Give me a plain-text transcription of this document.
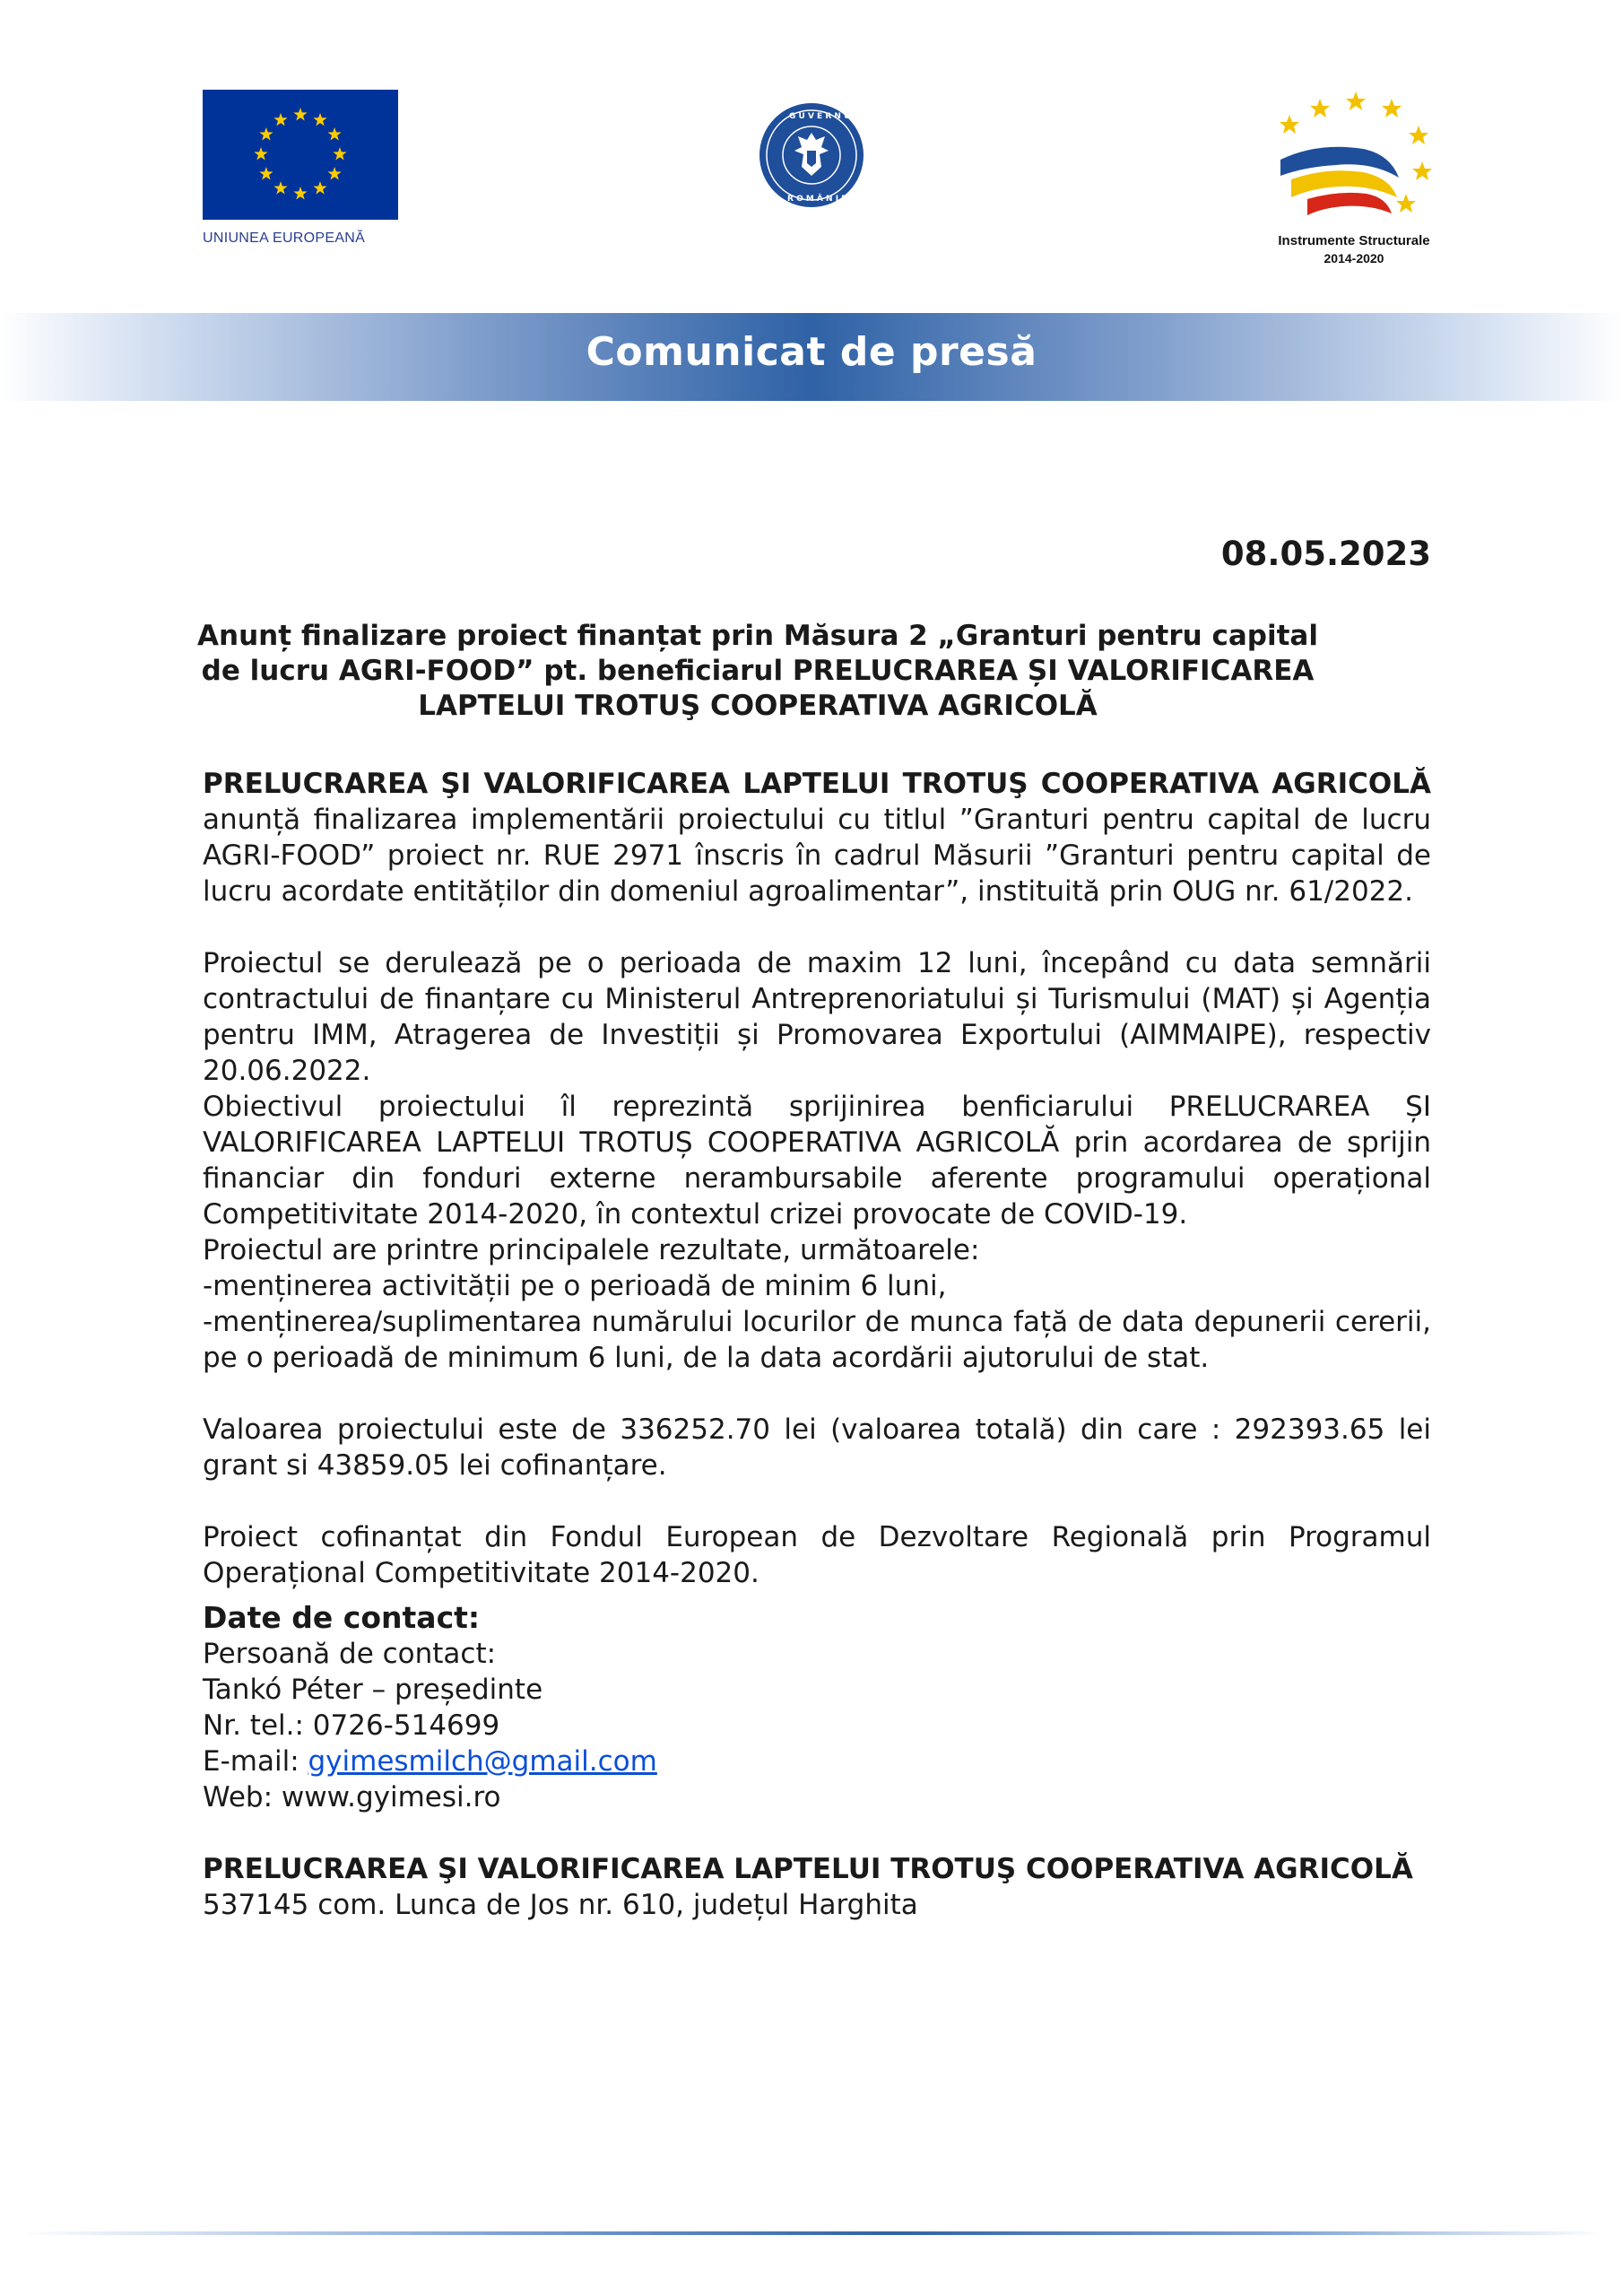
UNIUNEA EUROPEANĂ
G U V E R N U L
R O M Â N I E I
Instrumente Structurale
2014-2020
Comunicat de presă
08.05.2023
Anunț finalizare proiect finanțat prin Măsura 2 „Granturi pentru capital
de lucru AGRI-FOOD” pt. beneficiarul PRELUCRAREA ȘI VALORIFICAREA
LAPTELUI TROTUŞ COOPERATIVA AGRICOLĂ

PRELUCRAREA ŞI VALORIFICAREA LAPTELUI TROTUŞ COOPERATIVA AGRICOLĂ anunță finalizarea implementării proiectului cu titlul ”Granturi pentru capital de lucru AGRI-FOOD” proiect nr. RUE 2971 înscris în cadrul Măsurii ”Granturi pentru capital de lucru acordate entităților din domeniul agroalimentar”, instituită prin OUG nr. 61/2022.

Proiectul se derulează pe o perioada de maxim 12 luni, începând cu data semnării contractului de finanțare cu Ministerul Antreprenoriatului și Turismului (MAT) și Agenția pentru IMM, Atragerea de Investiții și Promovarea Exportului (AIMMAIPE), respectiv 20.06.2022.

Obiectivul proiectului îl reprezintă sprijinirea benficiarului PRELUCRAREA ȘI VALORIFICAREA LAPTELUI TROTUȘ COOPERATIVA AGRICOLĂ prin acordarea de sprijin financiar din fonduri externe nerambursabile aferente programului operațional Competitivitate 2014-2020, în contextul crizei provocate de COVID-19.

Proiectul are printre principalele rezultate, următoarele:

-menținerea activității pe o perioadă de minim 6 luni,

-menținerea/suplimentarea numărului locurilor de munca față de data depunerii cererii, pe o perioadă de minimum 6 luni, de la data acordării ajutorului de stat.

Valoarea proiectului este de 336252.70 lei (valoarea totală) din care : 292393.65 lei grant si 43859.05 lei cofinanțare.

Proiect cofinanțat din Fondul European de Dezvoltare Regională prin Programul Operațional Competitivitate 2014-2020.

Date de contact:
Persoană de contact:
Tankó Péter – președinte
Nr. tel.: 0726-514699
E-mail: gyimesmilch@gmail.com
Web: www.gyimesi.ro
PRELUCRAREA ŞI VALORIFICAREA LAPTELUI TROTUŞ COOPERATIVA AGRICOLĂ
537145 com. Lunca de Jos nr. 610, județul Harghita
